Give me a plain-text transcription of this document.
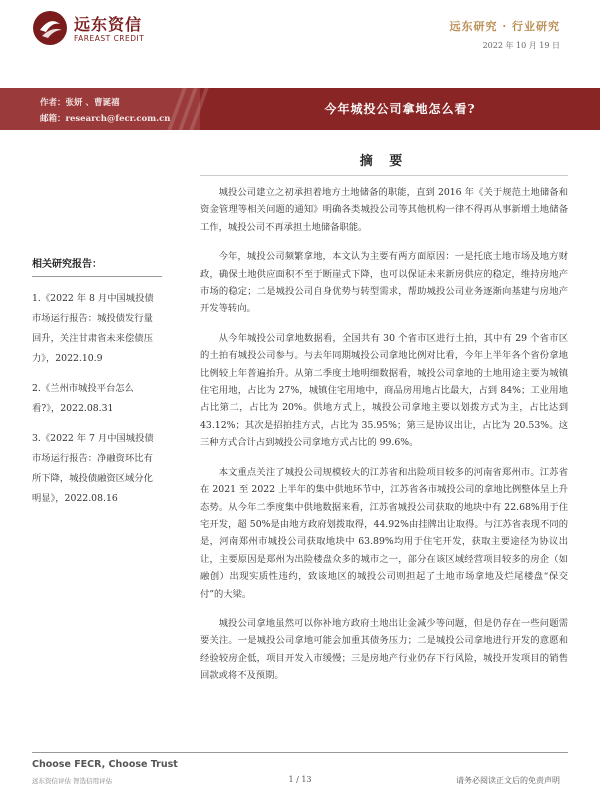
远东资信
FAREAST CREDIT
远东研究 · 行业研究
2022 年 10 月 19 日
作者：张妍 、曹诞禧
邮箱：research@fecr.com.cn
今年城投公司拿地怎么看?
相关研究报告：
1.《2022 年 8 月中国城投债市场运行报告：城投债发行量回升，关注甘肃省未来偿债压力》，2022.10.9
2.《兰州市城投平台怎么看?》，2022.08.31
3.《2022 年 7 月中国城投债市场运行报告：净融资环比有所下降，城投债融资区域分化明显》，2022.08.16
摘 要

城投公司建立之初承担着地方土地储备的职能，直到 2016 年《关于规范土地储备和资金管理等相关问题的通知》明确各类城投公司等其他机构一律不得再从事新增土地储备工作，城投公司不再承担土地储备职能。

今年，城投公司频繁拿地，本文认为主要有两方面原因：一是托底土地市场及地方财政，确保土地供应面积不至于断崖式下降，也可以保证未来新房供应的稳定，维持房地产市场的稳定；二是城投公司自身优势与转型需求，帮助城投公司业务逐渐向基建与房地产开发等转向。

从今年城投公司拿地数据看，全国共有 30 个省市区进行土拍，其中有 29 个省市区的土拍有城投公司参与。与去年同期城投公司拿地比例对比看，今年上半年各个省份拿地比例较上年普遍抬升。从第二季度土地明细数据看，城投公司拿地的土地用途主要为城镇住宅用地，占比为 27%，城镇住宅用地中，商品房用地占比最大，占到 84%；工业用地占比第二，占比为 20%。供地方式上，城投公司拿地主要以划拨方式为主，占比达到 43.12%；其次是招拍挂方式，占比为 35.95%；第三是协议出让，占比为 20.53%。这三种方式合计占到城投公司拿地方式占比的 99.6%。

本文重点关注了城投公司规模较大的江苏省和出险项目较多的河南省郑州市。江苏省在 2021 至 2022 上半年的集中供地环节中，江苏省各市城投公司的拿地比例整体呈上升态势。从今年二季度集中供地数据来看，江苏省城投公司获取的地块中有 22.68%用于住宅开发，超 50%是由地方政府划拨取得，44.92%由挂牌出让取得。与江苏省表现不同的是，河南郑州市城投公司获取地块中 63.89%均用于住宅开发，获取主要途径为协议出让，主要原因是郑州为出险楼盘众多的城市之一，部分在该区域经营项目较多的房企（如融创）出现实质性违约，致该地区的城投公司则担起了土地市场拿地及烂尾楼盘“保交付”的大梁。

城投公司拿地虽然可以你补地方政府土地出让金减少等问题，但是仍存在一些问题需要关注。一是城投公司拿地可能会加重其债务压力；二是城投公司拿地进行开发的意愿和经验较房企低，项目开发入市缓慢；三是房地产行业仍存下行风险，城投开发项目的销售回款或将不及预期。

Choose FECR, Choose Trust
远东资信评估 智选信用评估	1 / 13	请务必阅读正文后的免责声明
